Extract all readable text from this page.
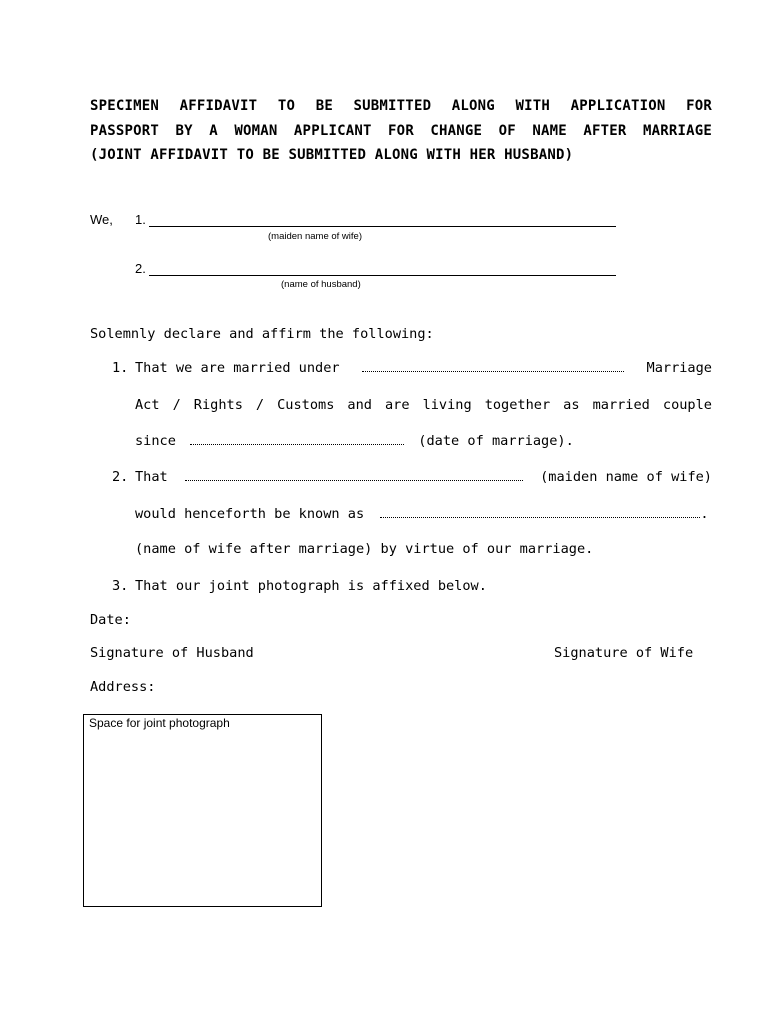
SPECIMEN AFFIDAVIT TO BE SUBMITTED ALONG WITH APPLICATION FOR
PASSPORT BY A WOMAN APPLICANT FOR CHANGE OF NAME AFTER MARRIAGE
(JOINT AFFIDAVIT TO BE SUBMITTED ALONG WITH HER HUSBAND)
We, 1.
(maiden name of wife)
2.
(name of husband)
Solemnly declare and affirm the following:
1. That we are married under	Marriage
Act / Rights / Customs and are living together as married couple
since	(date of marriage).
2. That	(maiden name of wife)
would henceforth be known as	.
(name of wife after marriage) by virtue of our marriage.
3. That our joint photograph is affixed below.
Date:
Signature of Husband	Signature of Wife
Address:
Space for joint photograph
